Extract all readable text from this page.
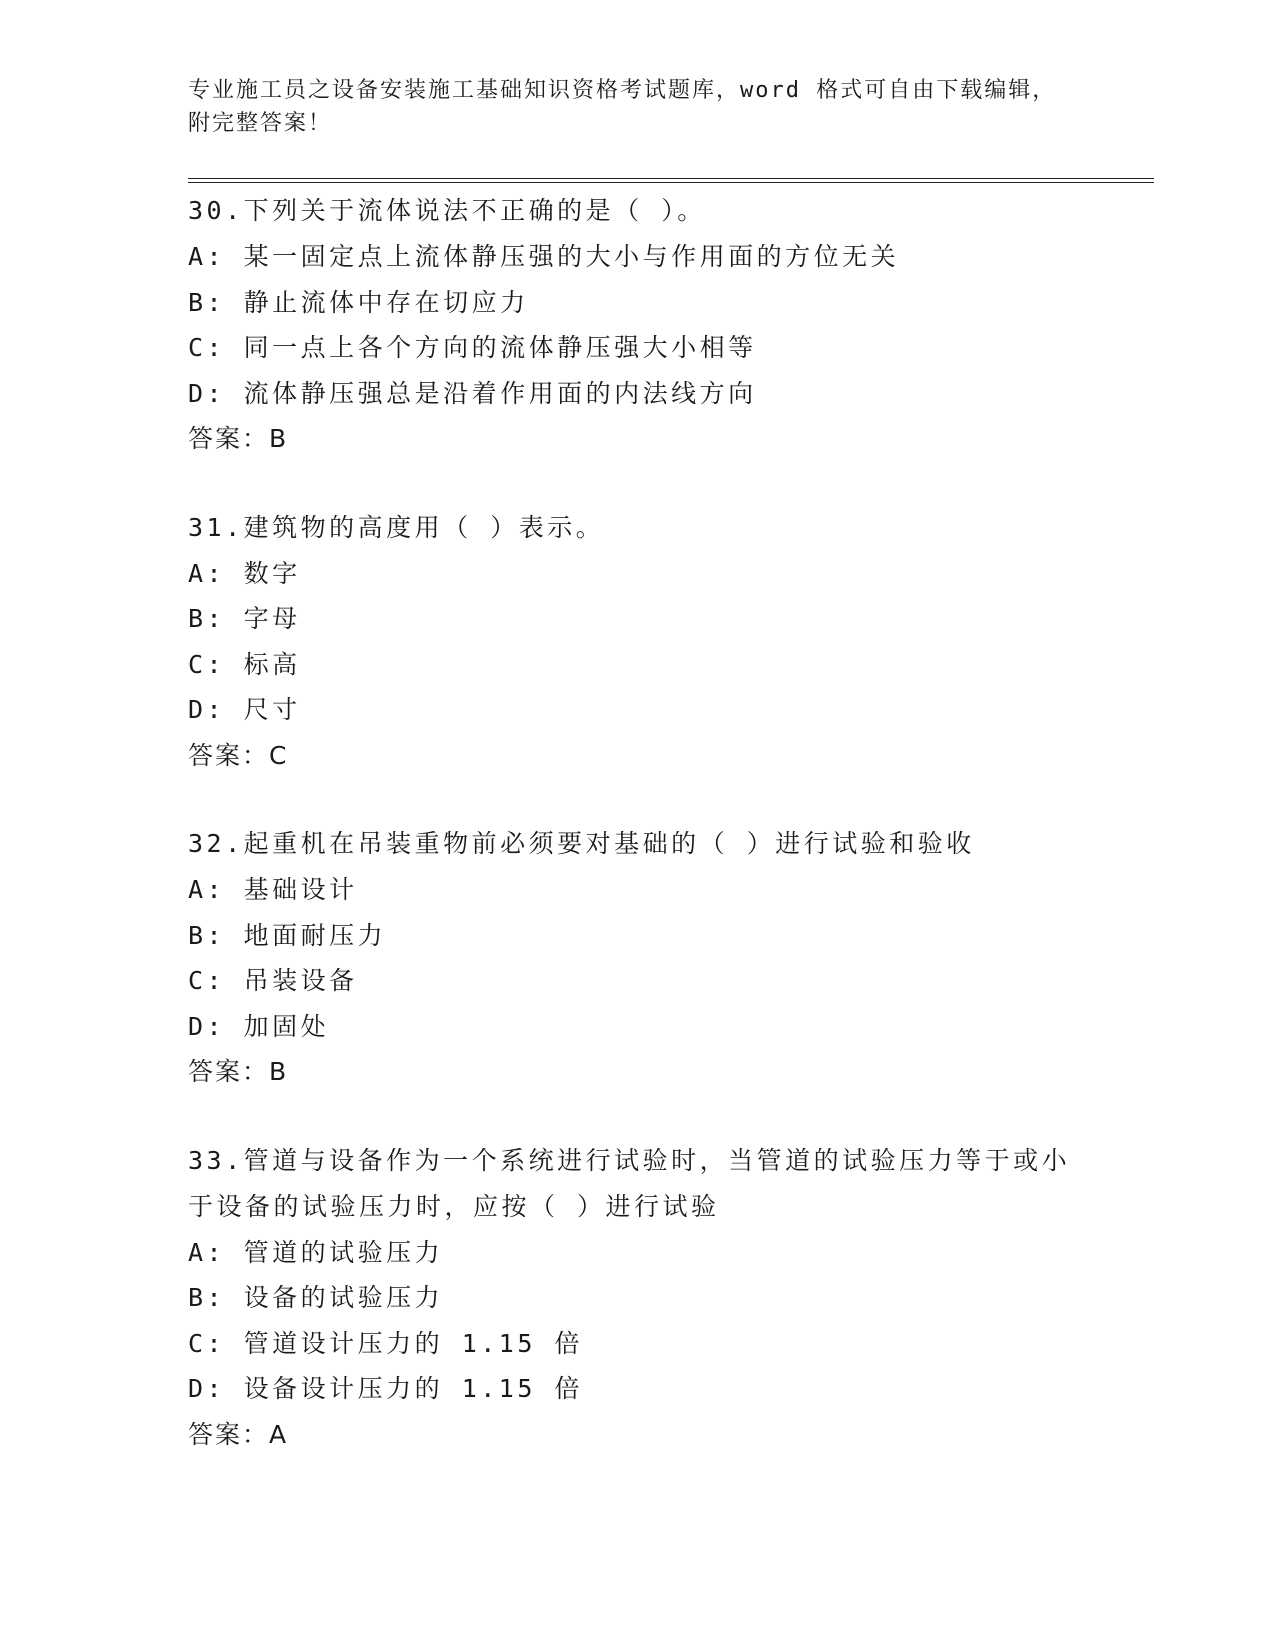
专业施工员之设备安装施工基础知识资格考试题库，word 格式可自由下载编辑，
附完整答案！

30.下列关于流体说法不正确的是（ ）。

A: 某一固定点上流体静压强的大小与作用面的方位无关

B: 静止流体中存在切应力

C: 同一点上各个方向的流体静压强大小相等

D: 流体静压强总是沿着作用面的内法线方向

答案：B

31.建筑物的高度用（ ）表示。

A: 数字

B: 字母

C: 标高

D: 尺寸

答案：C

32.起重机在吊装重物前必须要对基础的（ ）进行试验和验收

A: 基础设计

B: 地面耐压力

C: 吊装设备

D: 加固处

答案：B

33.管道与设备作为一个系统进行试验时，当管道的试验压力等于或小

于设备的试验压力时，应按（ ）进行试验

A: 管道的试验压力

B: 设备的试验压力

C: 管道设计压力的 1.15 倍

D: 设备设计压力的 1.15 倍

答案：A
